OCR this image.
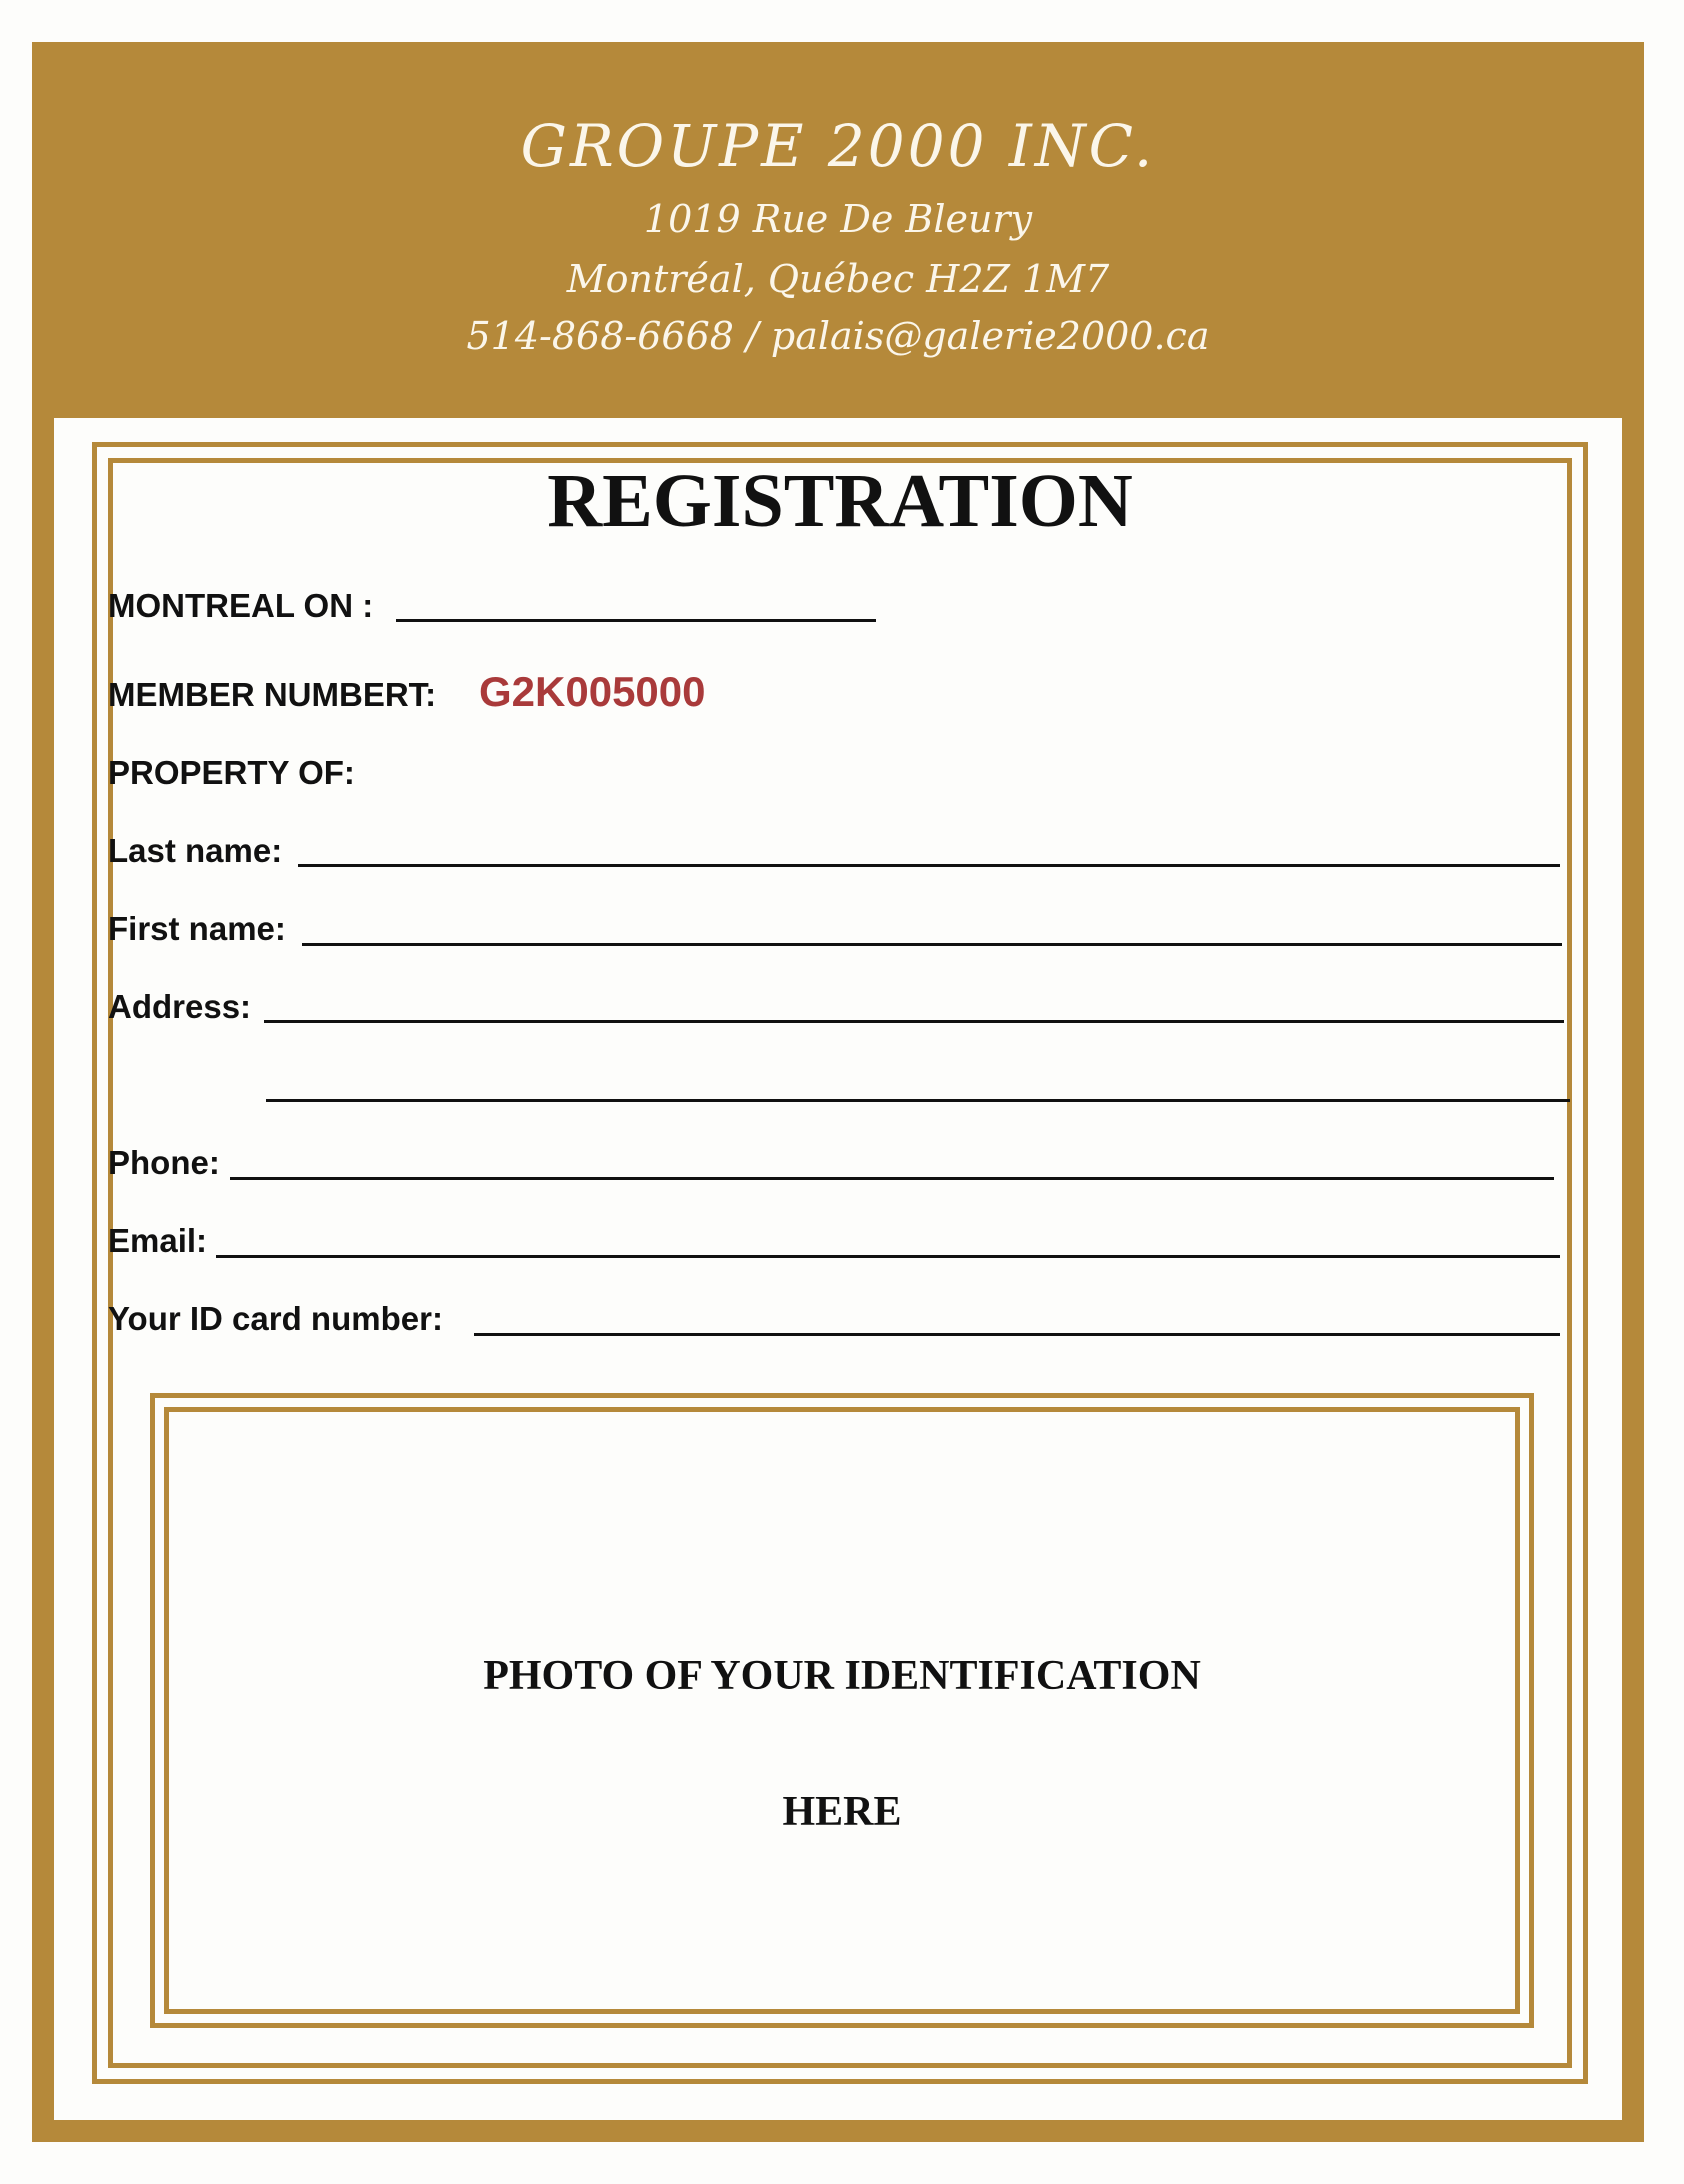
GROUPE 2000 INC.
1019 Rue De Bleury
Montréal, Québec H2Z 1M7
514-868-6668 / palais@galerie2000.ca
REGISTRATION
MONTREAL ON :
MEMBER NUMBERT: G2K005000
PROPERTY OF:
Last name:
First name:
Address:
Phone:
Email:
Your ID card number:
PHOTO OF YOUR IDENTIFICATION
HERE
